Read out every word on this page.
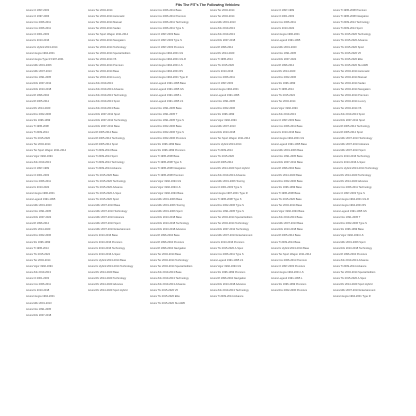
Fits The FIT's The Following Vehicles:
Acura Cl 1997-2003
Acura CI 1997-2003
Acura Csx 2006-2011
Acura Csx 2006-2011
Acura Cl 2001-2003
Acura Ilx 2013-2016
Acura Ilx Hybrid 2013-2014
Acura Integra 1994-2001
Acura Integra Type R 1997-2001
Acura Mdx 2001-2006
Acura Mdx 2007-2013
Acura Nsx 1991-2005
Acura Rdx 2007-2012
Acura Rdx 2013-2018
Acura Rl 1996-2004
Acura Rl 2005-2012
Acura Rlx 2014-2020
Acura Rsx 2002-2006
Acura Slx 1996-1999
Acura Tl 1995-2008
Acura Tl 2009-2014
Acura Tlx 2015-2020
Acura Tsx 2004-2014
Acura Tsx Sport Wagon 2011-2014
Acura Vigor 1992-1994
Acura Zdx 2010-2013
Acura Cl 1997-1999
Acura Cl 2001-2003
Acura Csx 2006-2011
Acura Ilx 2013-2022
Acura Integra 1990-2001
Acura Legend 1991-1995
Acura Mdx 2001-2020
Acura Nsx 1991-2005
Acura Rdx 2007-2022
Acura Rl 1996-2012
Acura Rlx 2014-2020
Acura Rsx 2002-2006
Acura Slx 1996-1999
Acura Tl 1995-2014
Acura Tlx 2015-2022
Acura Tsx 2004-2014
Acura Vigor 1992-1994
Acura Zdx 2010-2013
Acura Cl 2001-2003
Acura Csx 2006-2011
Acura Ilx 2013-2018
Acura Integra 1994-2001
Acura Mdx 2001-2013
Acura Nsx 1991-2005
Acura Rdx 2007-2018
Acura Tsx 2004-2014
Acura Tsx 2004-2014 Automatic
Acura Tsx 2004-2014 Manual
Acura Tsx 2004-2014 Sedan
Acura Tsx Sport Wagon 2011-2014
Acura Tsx 2004-2014 Navigation
Acura Tsx 2004-2014 Technology
Acura Tsx 2004-2014 Special Edition
Acura Tsx 2004-2014 V6
Acura Tsx 2004-2014 Premium
Acura Tsx 2004-2014 Base
Acura Tsx 2004-2014 Luxury
Acura Zdx 2010-2013
Acura Zdx 2010-2013 Advance
Acura Zdx 2010-2013 Technology
Acura Zdx 2010-2013 Sport
Acura Zdx 2010-2013 Base
Acura Rdx 2007-2012 Sport
Acura Rdx 2007-2012 Technology
Acura Rdx 2007-2012 Base
Acura Rl 2005-2012 Base
Acura Rl 2005-2012 Technology
Acura Rl 2005-2012 Sport
Acura Tl 2009-2014 Base
Acura Tl 2009-2014 Sport
Acura Tl 2009-2014 Technology
Acura Tl 2009-2014 Advance
Acura Tlx 2015-2020 Base
Acura Tlx 2015-2020 Technology
Acura Tlx 2015-2020 Advance
Acura Tlx 2015-2020 A-Spec
Acura Tlx 2015-2020 Sport
Acura Mdx 2007-2013 Base
Acura Mdx 2007-2013 Technology
Acura Mdx 2007-2013 Advance
Acura Mdx 2007-2013 Sport
Acura Mdx 2007-2013 Entertainment
Acura Ilx 2013-2016 Base
Acura Ilx 2013-2016 Premium
Acura Ilx 2013-2016 Technology
Acura Ilx 2013-2016 A-Spec
Acura Ilx Hybrid 2013-2014 Base
Acura Ilx Hybrid 2013-2014 Technology
Acura Rlx 2014-2020 Base
Acura Rlx 2014-2020 Technology
Acura Rlx 2014-2020 Advance
Acura Rlx 2014-2020 Sport Hybrid
Acura Csx 2006-2011 Base
Acura Csx 2006-2011 Premium
Acura Csx 2006-2011 Technology
Acura Csx 2006-2011 Type S
Acura Cl 1997-2003 Base
Acura Cl 1997-2003 Type S
Acura Cl 1997-2003 Premium
Acura Integra 1994-2001 GS
Acura Integra 1994-2001 GS-R
Acura Integra 1994-2001 LS
Acura Integra 1994-2001 RS
Acura Integra 1994-2001 Type R
Acura Legend 1991-1995 Base
Acura Legend 1991-1995 GS
Acura Legend 1991-1995 L
Acura Legend 1991-1995 LS
Acura Nsx 1991-2005 Base
Acura Nsx 1991-2005 T
Acura Nsx 1991-2005 Type S
Acura Rsx 2002-2006 Base
Acura Rsx 2002-2006 Type S
Acura Rsx 2002-2006 Premium
Acura Slx 1996-1999 Base
Acura Slx 1996-1999 Premium
Acura Tl 1995-2008 Base
Acura Tl 1995-2008 Type S
Acura Tl 1995-2008 Navigation
Acura Tl 1995-2008 Premium
Acura Vigor 1992-1994 GS
Acura Vigor 1992-1994 LS
Acura Vigor 1992-1994 Base
Acura Mdx 2001-2006 Base
Acura Mdx 2001-2006 Touring
Acura Mdx 2001-2006 Sport
Acura Rdx 2013-2018 Base
Acura Rdx 2013-2018 Technology
Acura Rdx 2013-2018 Advance
Acura Rl 1996-2004 Base
Acura Rl 1996-2004 Premium
Acura Rl 1996-2004 Navigation
Acura Tsx 2004-2014 Base
Acura Tsx 2004-2014 Technology
Acura Tsx 2004-2014 Special Edition
Acura Zdx 2010-2013 Base
Acura Zdx 2010-2013 Technology
Acura Zdx 2010-2013 Advance
Acura Tlx 2015-2020 V6
Acura Tlx 2015-2020 Elite
Acura Tlx 2015-2020 SH-AWD
Acura Tsx 2004-2014
Acura Tsx 2004-2014
Acura Mdx 2001-2013
Acura Zdx 2010-2013
Acura Zdx 2010-2013
Acura Rdx 2007-2018
Acura Rl 1996-2012
Acura Rlx 2014-2020
Acura Tl 1995-2014
Acura Tlx 2015-2020
Acura Ilx 2013-2016
Acura Csx 2006-2011
Acura Cl 1997-2003
Acura Integra 1994-2001
Acura Legend 1991-1995
Acura Nsx 1991-2005
Acura Rsx 2002-2006
Acura Slx 1996-1999
Acura Vigor 1992-1994
Acura Mdx 2007-2013
Acura Rdx 2013-2018
Acura Tsx Sport Wagon 2011-2014
Acura Ilx Hybrid 2013-2014
Acura Tl 2009-2014
Acura Tlx 2015-2020
Acura Rl 2005-2012
Acura Rlx 2014-2020 Sport Hybrid
Acura Zdx 2010-2013 Advance
Acura Mdx 2001-2006 Touring
Acura Cl 2001-2003 Type S
Acura Integra 1997-2001 Type R
Acura Tl 1995-2008 Type S
Acura Rsx 2002-2006 Type S
Acura Nsx 1991-2005 Type S
Acura Tsx 2004-2014 Special Edition
Acura Tsx 2004-2014 Technology
Acura Rdx 2007-2012 Technology
Acura Mdx 2007-2013 Entertainment
Acura Ilx 2013-2016 Premium
Acura Tlx 2015-2020 A-Spec
Acura Csx 2006-2011 Type S
Acura Legend 1991-1995 LS
Acura Vigor 1992-1994 GS
Acura Slx 1996-1999 Premium
Acura Rl 1996-2004 Navigation
Acura Rdx 2013-2018 Advance
Acura Zdx 2010-2013 Technology
Acura Tl 2009-2014 Advance
Acura Cl 1997-1999
Acura Cl 2001-2003
Acura Csx 2006-2011
Acura Ilx 2013-2022
Acura Integra 1990-2001
Acura Legend 1991-1995
Acura Mdx 2001-2020
Acura Nsx 1991-2005
Acura Rdx 2007-2022
Acura Rl 1996-2012
Acura Rlx 2014-2020
Acura Rsx 2002-2006
Acura Slx 1996-1999
Acura Tl 1995-2014
Acura Tlx 2015-2022
Acura Tsx 2004-2014
Acura Vigor 1992-1994
Acura Zdx 2010-2013
Acura Cl 1997-2003 Base
Acura Csx 2006-2011 Base
Acura Ilx 2013-2016 Base
Acura Integra 1994-2001 GS
Acura Legend 1991-1995 Base
Acura Mdx 2001-2006 Base
Acura Nsx 1991-2005 Base
Acura Rdx 2007-2012 Base
Acura Rl 1996-2004 Base
Acura Rlx 2014-2020 Base
Acura Rsx 2002-2006 Base
Acura Slx 1996-1999 Base
Acura Tl 1995-2008 Base
Acura Tlx 2015-2020 Base
Acura Tsx 2004-2014 Base
Acura Vigor 1992-1994 Base
Acura Zdx 2010-2013 Base
Acura Mdx 2007-2013 Base
Acura Rdx 2013-2018 Base
Acura Rl 2005-2012 Base
Acura Tl 2009-2014 Base
Acura Ilx Hybrid 2013-2014 Base
Acura Tsx Sport Wagon 2011-2014
Acura Csx 2006-2011 Premium
Acura Cl 1997-2003 Premium
Acura Integra 1994-2001 LS
Acura Legend 1991-1995 L
Acura Slx 1996-1999 Premium
Acura Rsx 2002-2006 Premium
Acura Tl 1995-2008 Premium
Acura Tl 1995-2008 Navigation
Acura Tl 2009-2014 Technology
Acura Tl 2009-2014 Sport
Acura Tlx 2015-2020 Technology
Acura Tlx 2015-2020 Advance
Acura Tlx 2015-2020 Sport
Acura Tlx 2015-2020 V6
Acura Tlx 2015-2020 Elite
Acura Tlx 2015-2020 SH-AWD
Acura Tsx 2004-2014 Automatic
Acura Tsx 2004-2014 Manual
Acura Tsx 2004-2014 Sedan
Acura Tsx 2004-2014 Navigation
Acura Tsx 2004-2014 Premium
Acura Tsx 2004-2014 Luxury
Acura Tsx 2004-2014 V6
Acura Zdx 2010-2013 Sport
Acura Rdx 2007-2012 Sport
Acura Rl 2005-2012 Technology
Acura Rl 2005-2012 Sport
Acura Mdx 2007-2013 Technology
Acura Mdx 2007-2013 Advance
Acura Mdx 2007-2013 Sport
Acura Ilx 2013-2016 Technology
Acura Ilx 2013-2016 A-Spec
Acura Ilx Hybrid 2013-2014 Technology
Acura Rlx 2014-2020 Technology
Acura Rlx 2014-2020 Advance
Acura Csx 2006-2011 Technology
Acura Cl 1997-2003 Type S
Acura Integra 1994-2001 GS-R
Acura Integra 1994-2001 RS
Acura Legend 1991-1995 GS
Acura Nsx 1991-2005 T
Acura Rsx 2002-2006 Type S
Acura Slx 1996-1999 Base
Acura Vigor 1992-1994 LS
Acura Mdx 2001-2006 Sport
Acura Rdx 2013-2018 Technology
Acura Rl 1996-2004 Premium
Acura Zdx 2010-2013 Advance
Acura Tl 2009-2014 Advance
Acura Tsx 2004-2014 Special Edition
Acura Tlx 2015-2020 A-Spec
Acura Rlx 2014-2020 Sport Hybrid
Acura Mdx 2007-2013 Entertainment
Acura Integra 1994-2001 Type R
